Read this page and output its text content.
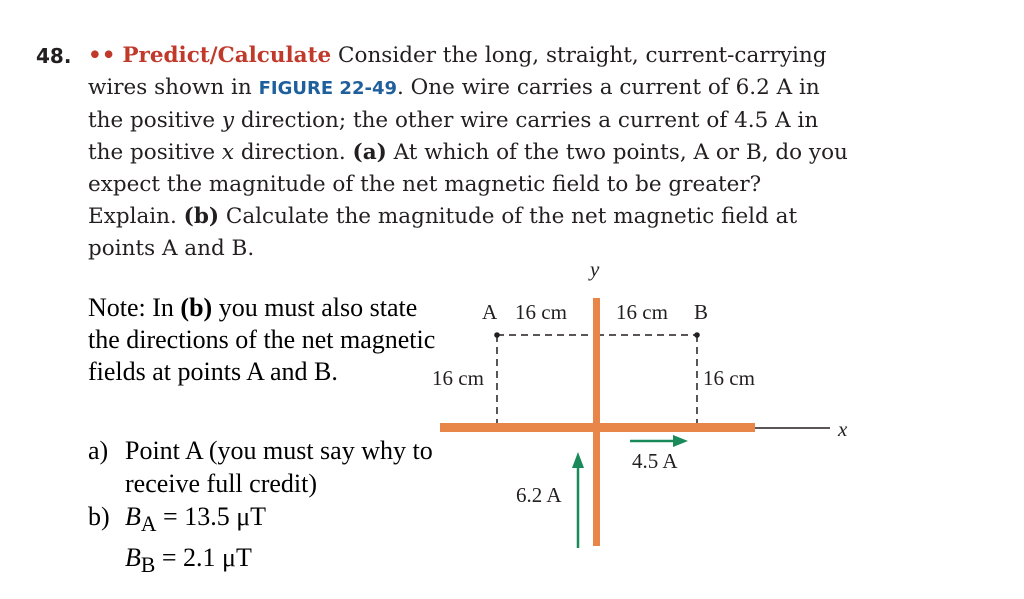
48. •• Predict/Calculate Consider the long, straight, current-carrying wires shown in FIGURE 22-49. One wire carries a current of 6.2 A in the positive y direction; the other wire carries a current of 4.5 A in the positive x direction. (a) At which of the two points, A or B, do you expect the magnitude of the net magnetic field to be greater? Explain. (b) Calculate the magnitude of the net magnetic field at points A and B.
Note: In (b) you must also state the directions of the net magnetic fields at points A and B.
a) Point A (you must say why to receive full credit)
b) $B_A = 13.5$ μT
$B_B = 2.1$ μT
y
x
A	B
16 cm 16 cm
16 cm	16 cm
6.2 A
4.5 A
